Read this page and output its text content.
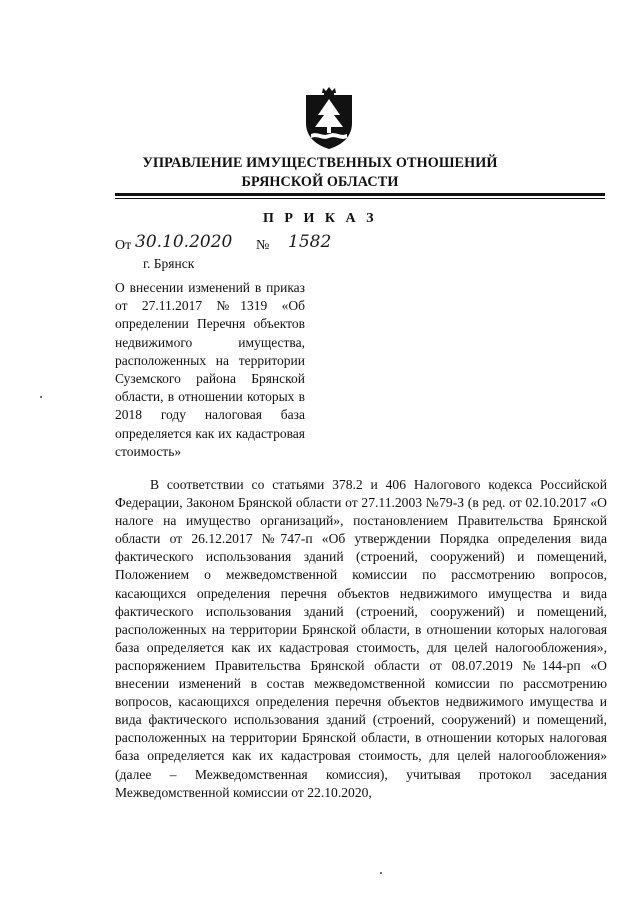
УПРАВЛЕНИЕ ИМУЩЕСТВЕННЫХ ОТНОШЕНИЙ
БРЯНСКОЙ ОБЛАСТИ
П Р И К А З
От 30.10.2020 № 1582
г. Брянск
О внесении изменений в приказ от 27.11.2017 №1319 «Об определении Перечня объектов недвижимого имущества, расположенных на территории Суземского района Брянской области, в отношении которых в 2018 году налоговая база определяется как их кадастровая стоимость»

В соответствии со статьями 378.2 и 406 Налогового кодекса Российской Федерации, Законом Брянской области от 27.11.2003 №79-З (в ред. от 02.10.2017 «О налоге на имущество организаций», постановлением Правительства Брянской области от 26.12.2017 №747-п «Об утверждении Порядка определения вида фактического использования зданий (строений, сооружений) и помещений, Положением о межведомственной комиссии по рассмотрению вопросов, касающихся определения перечня объектов недвижимого имущества и вида фактического использования зданий (строений, сооружений) и помещений, расположенных на территории Брянской области, в отношении которых налоговая база определяется как их кадастровая стоимость, для целей налогообложения», распоряжением Правительства Брянской области от 08.07.2019 №144-рп «О внесении изменений в состав межведомственной комиссии по рассмотрению вопросов, касающихся определения перечня объектов недвижимого имущества и вида фактического использования зданий (строений, сооружений) и помещений, расположенных на территории Брянской области, в отношении которых налоговая база определяется как их кадастровая стоимость, для целей налогообложения» (далее – Межведомственная комиссия), учитывая протокол заседания Межведомственной комиссии от 22.10.2020,
